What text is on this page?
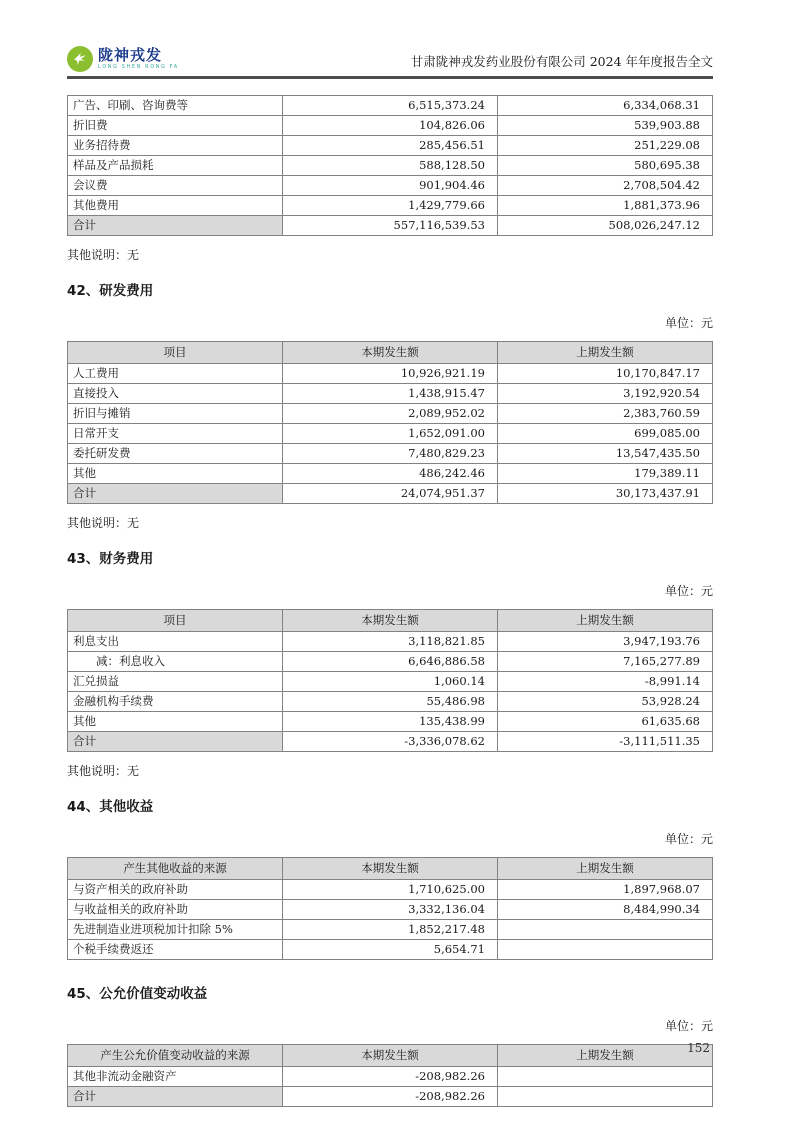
陇神戎发
LONG SHEN RONG FA	甘肃陇神戎发药业股份有限公司 2024 年年度报告全文
广告、印刷、咨询费等	6,515,373.24	6,334,068.31
折旧费	104,826.06	539,903.88
业务招待费	285,456.51	251,229.08
样品及产品损耗	588,128.50	580,695.38
会议费	901,904.46	2,708,504.42
其他费用	1,429,779.66	1,881,373.96
合计	557,116,539.53	508,026,247.12
其他说明：无
42、研发费用
单位：元
项目	本期发生额	上期发生额
人工费用	10,926,921.19	10,170,847.17
直接投入	1,438,915.47	3,192,920.54
折旧与摊销	2,089,952.02	2,383,760.59
日常开支	1,652,091.00	699,085.00
委托研发费	7,480,829.23	13,547,435.50
其他	486,242.46	179,389.11
合计	24,074,951.37	30,173,437.91
其他说明：无
43、财务费用
单位：元
项目	本期发生额	上期发生额
利息支出	3,118,821.85	3,947,193.76
减：利息收入	6,646,886.58	7,165,277.89
汇兑损益	1,060.14	-8,991.14
金融机构手续费	55,486.98	53,928.24
其他	135,438.99	61,635.68
合计	-3,336,078.62	-3,111,511.35
其他说明：无
44、其他收益
单位：元
产生其他收益的来源	本期发生额	上期发生额
与资产相关的政府补助	1,710,625.00	1,897,968.07
与收益相关的政府补助	3,332,136.04	8,484,990.34
先进制造业进项税加计扣除 5%	1,852,217.48	
个税手续费返还	5,654.71	
45、公允价值变动收益
单位：元
产生公允价值变动收益的来源	本期发生额	上期发生额
其他非流动金融资产	-208,982.26	
合计	-208,982.26	
152
